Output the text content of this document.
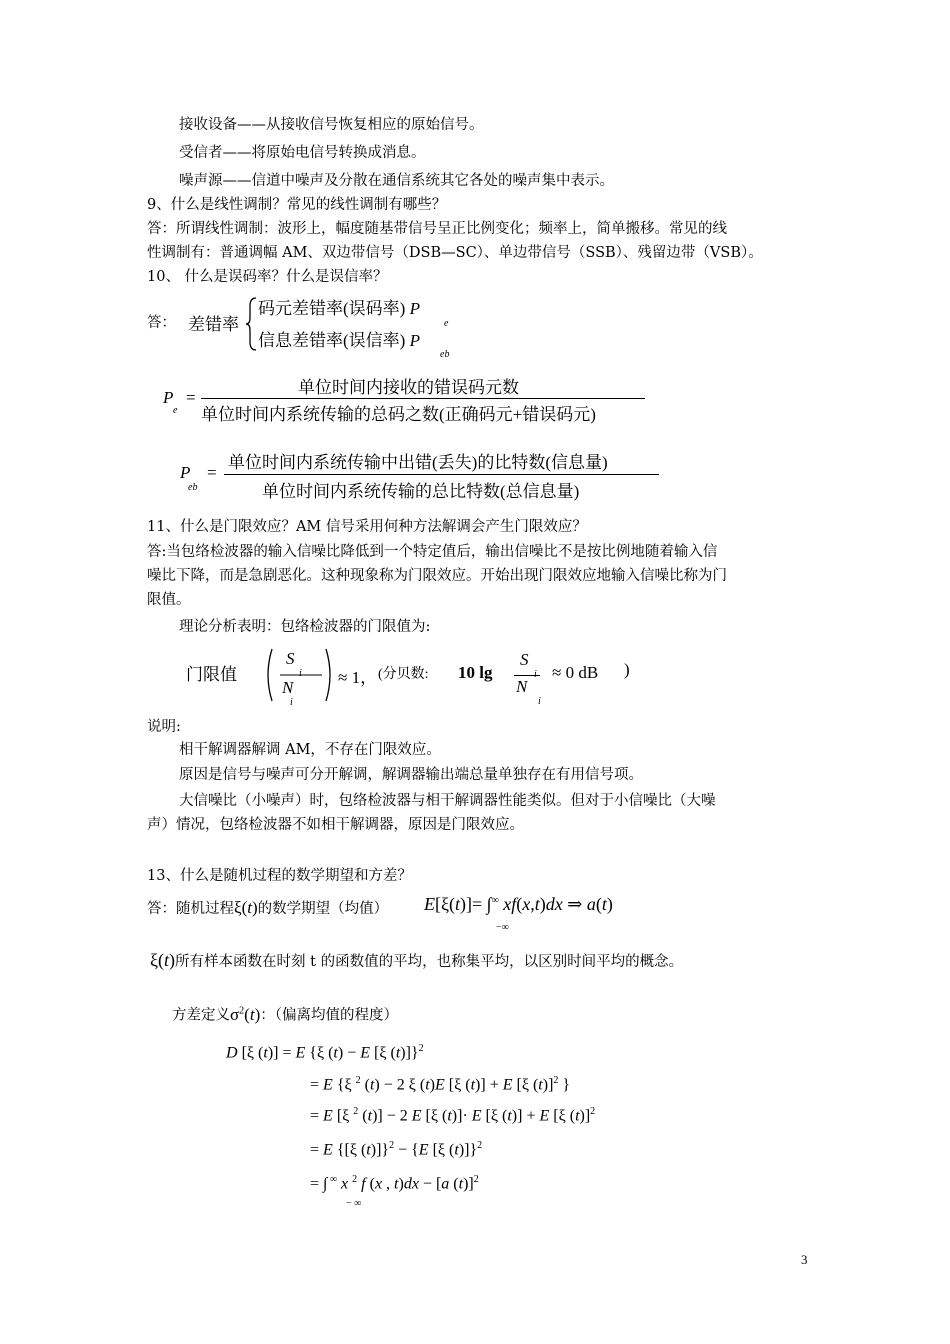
接收设备——从接收信号恢复相应的原始信号。
受信者——将原始电信号转换成消息。
噪声源——信道中噪声及分散在通信系统其它各处的噪声集中表示。
9、什么是线性调制？常见的线性调制有哪些？
答：所谓线性调制：波形上，幅度随基带信号呈正比例变化；频率上，简单搬移。常见的线
性调制有：普通调幅 AM、双边带信号（DSB—SC）、单边带信号（SSB）、残留边带（VSB）。
10、 什么是误码率？什么是误信率？
答： 差错率
码元差错率(误码率) P
e
信息差错率(误信率) P
eb
P
e
=
单位时间内接收的错误码元数
单位时间内系统传输的总码之数(正确码元+错误码元)
P
eb
=
单位时间内系统传输中出错(丢失)的比特数(信息量)
单位时间内系统传输的总比特数(总信息量)
11、什么是门限效应？AM 信号采用何种方法解调会产生门限效应？
答:当包络检波器的输入信噪比降低到一个特定值后，输出信噪比不是按比例地随着输入信
噪比下降，而是急剧恶化。这种现象称为门限效应。开始出现门限效应地输入信噪比称为门
限值。
理论分析表明：包络检波器的门限值为:
门限值
S
i
N
i
≈ 1， (分贝数: 10 lg
S
i
N
i
≈ 0 dB )
说明:
相干解调器解调 AM，不存在门限效应。
原因是信号与噪声可分开解调，解调器输出端总量单独存在有用信号项。
大信噪比（小噪声）时，包络检波器与相干解调器性能类似。但对于小信噪比（大噪
声）情况，包络检波器不如相干解调器，原因是门限效应。
13、什么是随机过程的数学期望和方差？
答：随机过程ξ(t)的数学期望（均值） E[ξ(t)]= ∫∞ xf(x,t)dx ⇒ a(t)
−∞
ξ(t)所有样本函数在时刻 t 的函数值的平均，也称集平均，以区别时间平均的概念。
方差定义$\sigma^2(t)$：（偏离均值的程度）
D [ξ (t)] = E {ξ (t) − E [ξ (t)]}$^2$
= E {ξ $^2$ (t) − 2 ξ (t)E [ξ (t)] + E [ξ (t)]$^2$ }
= E [ξ $^2$ (t)] − 2 E [ξ (t)]· E [ξ (t)] + E [ξ (t)]$^2$
= E {[ξ (t)]}$^2$ − {E [ξ (t)]}$^2$
= ∫ ∞ x $^2$ f (x , t)dx − [a (t)]$^2$
− ∞
3
